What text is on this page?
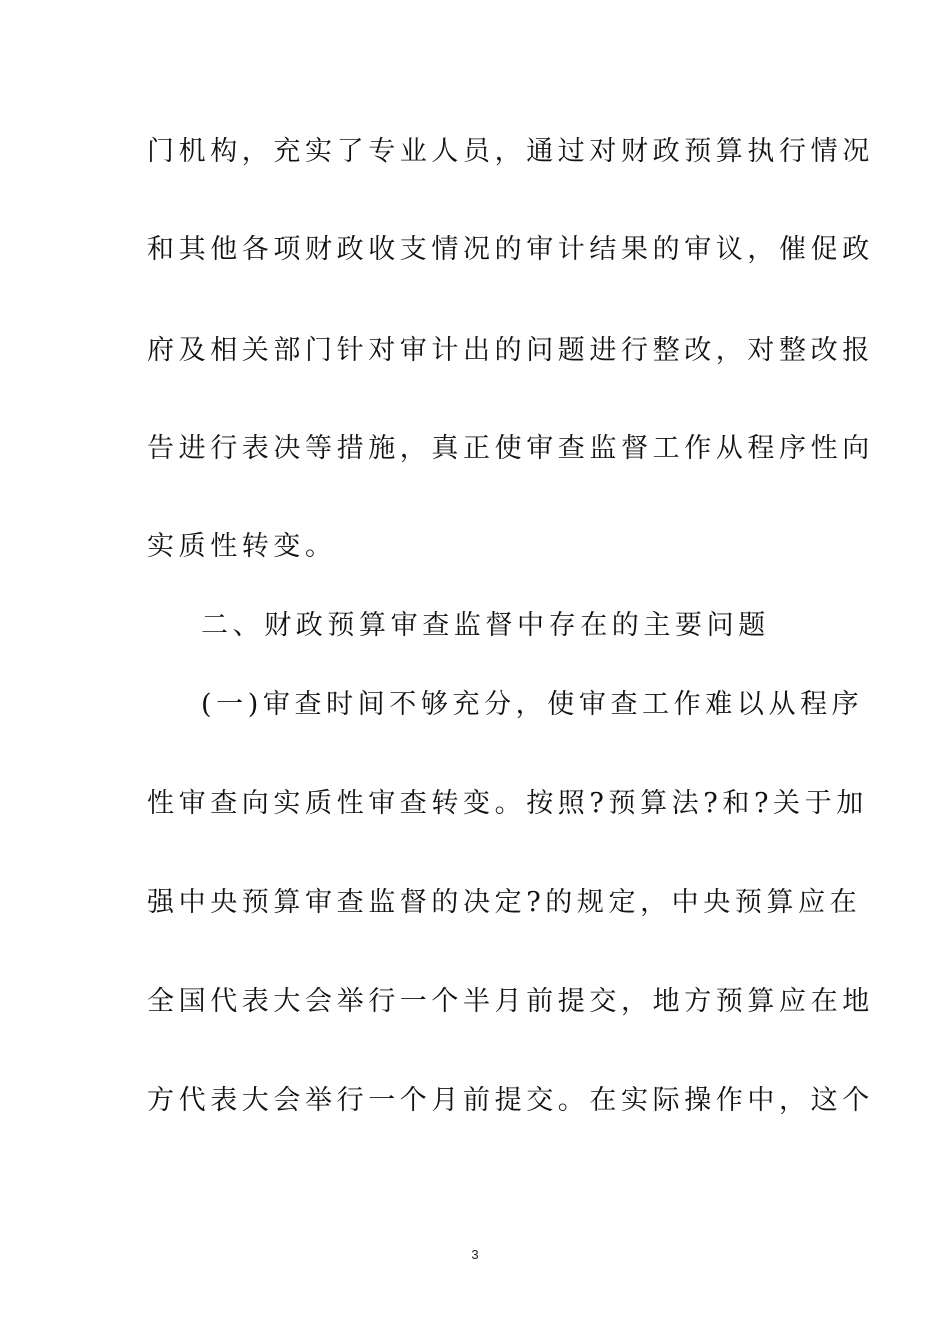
门机构，充实了专业人员，通过对财政预算执行情况
和其他各项财政收支情况的审计结果的审议，催促政
府及相关部门针对审计出的问题进行整改，对整改报
告进行表决等措施，真正使审查监督工作从程序性向
实质性转变。
二、财政预算审查监督中存在的主要问题
(一)审查时间不够充分，使审查工作难以从程序
性审查向实质性审查转变。按照?预算法?和?关于加
强中央预算审查监督的决定?的规定，中央预算应在
全国代表大会举行一个半月前提交，地方预算应在地
方代表大会举行一个月前提交。在实际操作中，这个
3
